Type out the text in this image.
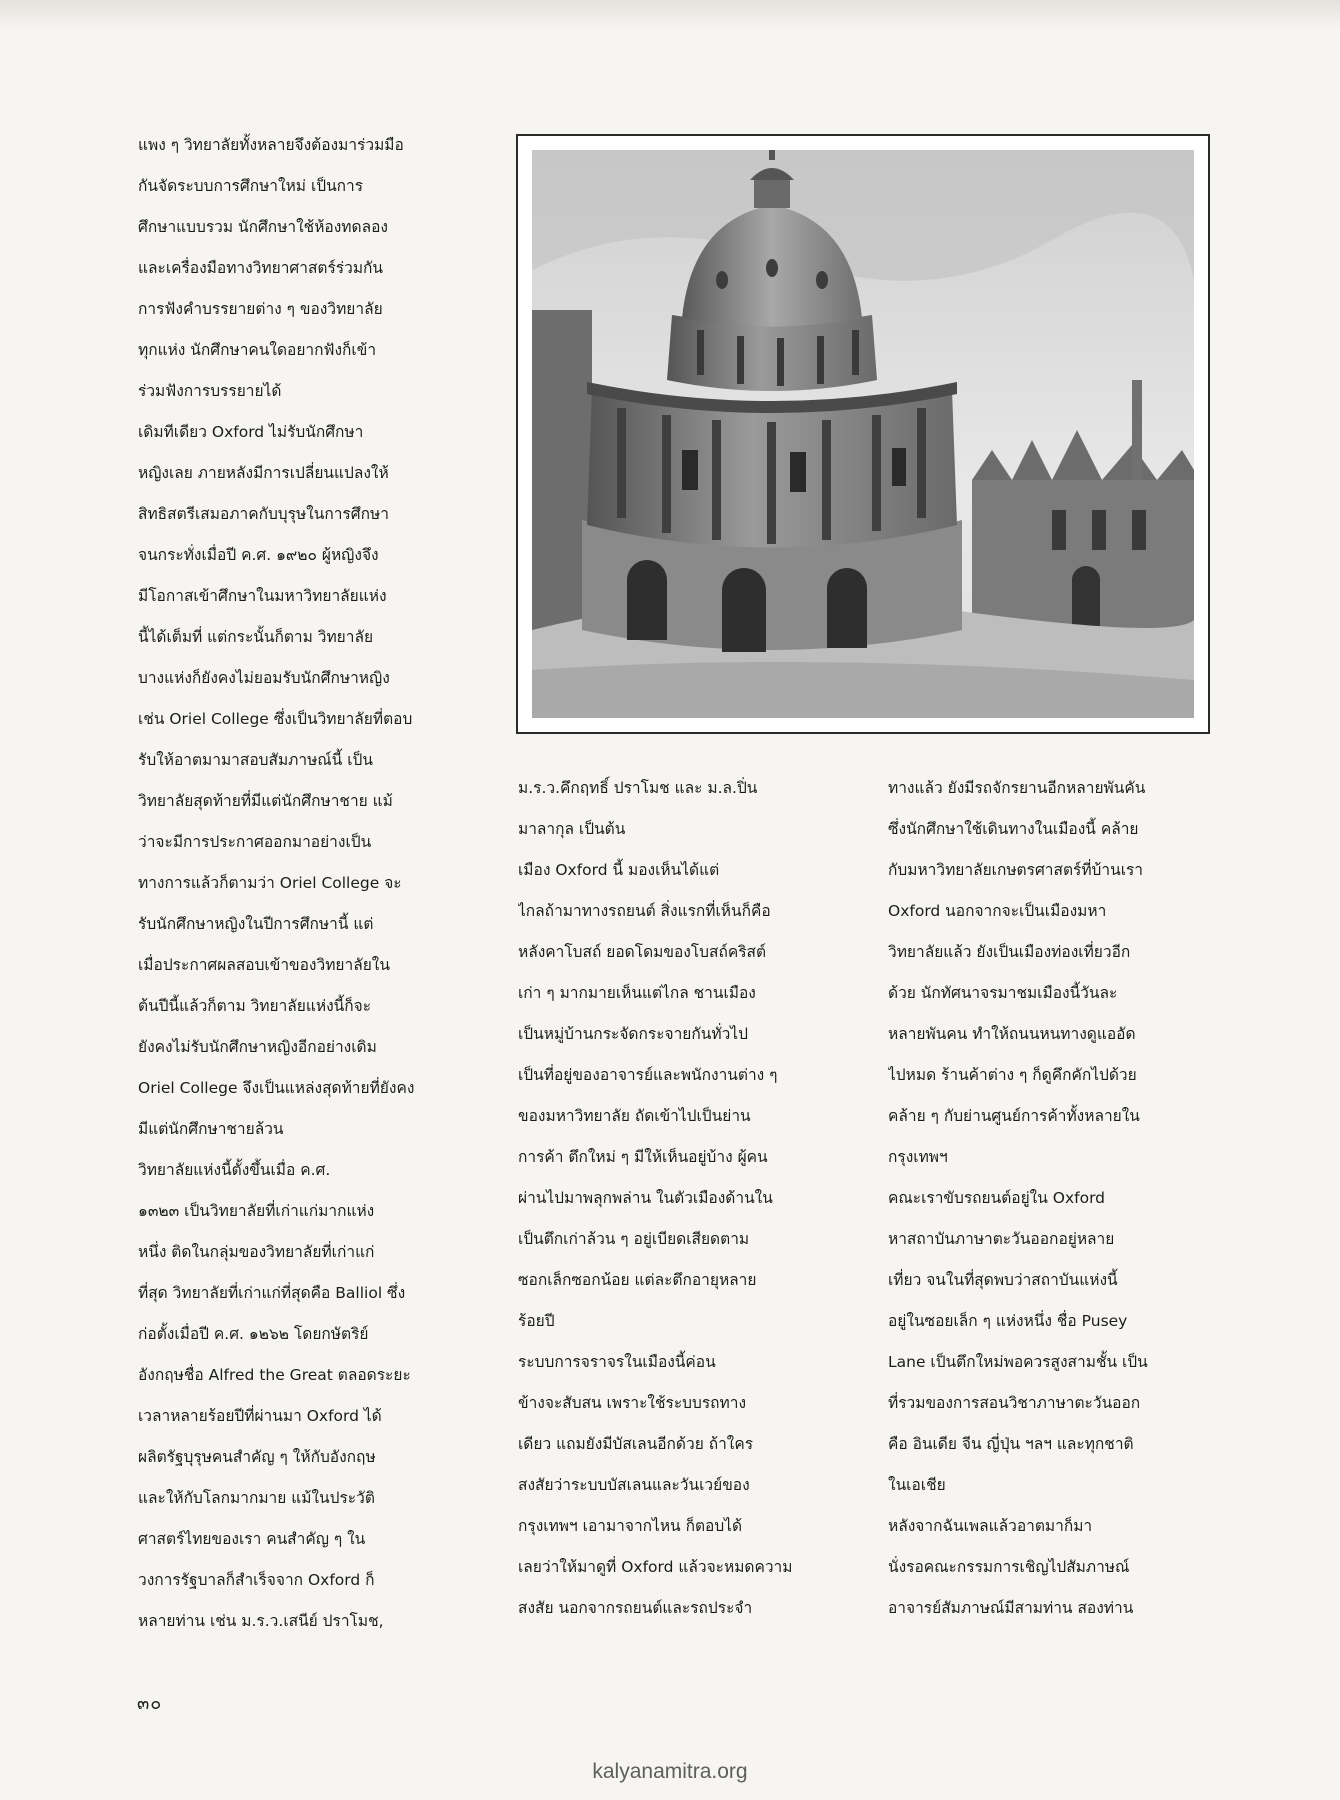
แพง ๆ วิทยาลัยทั้งหลายจึงต้องมาร่วมมือ
กันจัดระบบการศึกษาใหม่ เป็นการ
ศึกษาแบบรวม นักศึกษาใช้ห้องทดลอง
และเครื่องมือทางวิทยาศาสตร์ร่วมกัน
การฟังคำบรรยายต่าง ๆ ของวิทยาลัย
ทุกแห่ง นักศึกษาคนใดอยากฟังก็เข้า
ร่วมฟังการบรรยายได้
เดิมทีเดียว Oxford ไม่รับนักศึกษา
หญิงเลย ภายหลังมีการเปลี่ยนแปลงให้
สิทธิสตรีเสมอภาคกับบุรุษในการศึกษา
จนกระทั่งเมื่อปี ค.ศ. ๑๙๒๐ ผู้หญิงจึง
มีโอกาสเข้าศึกษาในมหาวิทยาลัยแห่ง
นี้ได้เต็มที่ แต่กระนั้นก็ตาม วิทยาลัย
บางแห่งก็ยังคงไม่ยอมรับนักศึกษาหญิง
เช่น Oriel College ซึ่งเป็นวิทยาลัยที่ตอบ
รับให้อาตมามาสอบสัมภาษณ์นี้ เป็น
วิทยาลัยสุดท้ายที่มีแต่นักศึกษาชาย แม้
ว่าจะมีการประกาศออกมาอย่างเป็น
ทางการแล้วก็ตามว่า Oriel College จะ
รับนักศึกษาหญิงในปีการศึกษานี้ แต่
เมื่อประกาศผลสอบเข้าของวิทยาลัยใน
ต้นปีนี้แล้วก็ตาม วิทยาลัยแห่งนี้ก็จะ
ยังคงไม่รับนักศึกษาหญิงอีกอย่างเดิม
Oriel College จึงเป็นแหล่งสุดท้ายที่ยังคง
มีแต่นักศึกษาชายล้วน
วิทยาลัยแห่งนี้ตั้งขึ้นเมื่อ ค.ศ.
๑๓๒๓ เป็นวิทยาลัยที่เก่าแก่มากแห่ง
หนึ่ง ติดในกลุ่มของวิทยาลัยที่เก่าแก่
ที่สุด วิทยาลัยที่เก่าแก่ที่สุดคือ Balliol ซึ่ง
ก่อตั้งเมื่อปี ค.ศ. ๑๒๖๒ โดยกษัตริย์
อังกฤษชื่อ Alfred the Great ตลอดระยะ
เวลาหลายร้อยปีที่ผ่านมา Oxford ได้
ผลิตรัฐบุรุษคนสำคัญ ๆ ให้กับอังกฤษ
และให้กับโลกมากมาย แม้ในประวัติ
ศาสตร์ไทยของเรา คนสำคัญ ๆ ใน
วงการรัฐบาลก็สำเร็จจาก Oxford ก็
หลายท่าน เช่น ม.ร.ว.เสนีย์ ปราโมช,
ม.ร.ว.คึกฤทธิ์ ปราโมช และ ม.ล.ปิ่น
มาลากุล เป็นต้น
เมือง Oxford นี้ มองเห็นได้แต่
ไกลถ้ามาทางรถยนต์ สิ่งแรกที่เห็นก็คือ
หลังคาโบสถ์ ยอดโดมของโบสถ์คริสต์
เก่า ๆ มากมายเห็นแต่ไกล ชานเมือง
เป็นหมู่บ้านกระจัดกระจายกันทั่วไป
เป็นที่อยู่ของอาจารย์และพนักงานต่าง ๆ
ของมหาวิทยาลัย ถัดเข้าไปเป็นย่าน
การค้า ตึกใหม่ ๆ มีให้เห็นอยู่บ้าง ผู้คน
ผ่านไปมาพลุกพล่าน ในตัวเมืองด้านใน
เป็นตึกเก่าล้วน ๆ อยู่เบียดเสียดตาม
ซอกเล็กซอกน้อย แต่ละตึกอายุหลาย
ร้อยปี
ระบบการจราจรในเมืองนี้ค่อน
ข้างจะสับสน เพราะใช้ระบบรถทาง
เดียว แถมยังมีบัสเลนอีกด้วย ถ้าใคร
สงสัยว่าระบบบัสเลนและวันเวย์ของ
กรุงเทพฯ เอามาจากไหน ก็ตอบได้
เลยว่าให้มาดูที่ Oxford แล้วจะหมดความ
สงสัย นอกจากรถยนต์และรถประจำ
ทางแล้ว ยังมีรถจักรยานอีกหลายพันคัน
ซึ่งนักศึกษาใช้เดินทางในเมืองนี้ คล้าย
กับมหาวิทยาลัยเกษตรศาสตร์ที่บ้านเรา
Oxford นอกจากจะเป็นเมืองมหา
วิทยาลัยแล้ว ยังเป็นเมืองท่องเที่ยวอีก
ด้วย นักทัศนาจรมาชมเมืองนี้วันละ
หลายพันคน ทำให้ถนนหนทางดูแออัด
ไปหมด ร้านค้าต่าง ๆ ก็ดูคึกคักไปด้วย
คล้าย ๆ กับย่านศูนย์การค้าทั้งหลายใน
กรุงเทพฯ
คณะเราขับรถยนต์อยู่ใน Oxford
หาสถาบันภาษาตะวันออกอยู่หลาย
เที่ยว จนในที่สุดพบว่าสถาบันแห่งนี้
อยู่ในซอยเล็ก ๆ แห่งหนึ่ง ชื่อ Pusey
Lane เป็นตึกใหม่พอควรสูงสามชั้น เป็น
ที่รวมของการสอนวิชาภาษาตะวันออก
คือ อินเดีย จีน ญี่ปุ่น ฯลฯ และทุกชาติ
ในเอเชีย
หลังจากฉันเพลแล้วอาตมาก็มา
นั่งรอคณะกรรมการเชิญไปสัมภาษณ์
อาจารย์สัมภาษณ์มีสามท่าน สองท่าน
๓๐
kalyanamitra.org
